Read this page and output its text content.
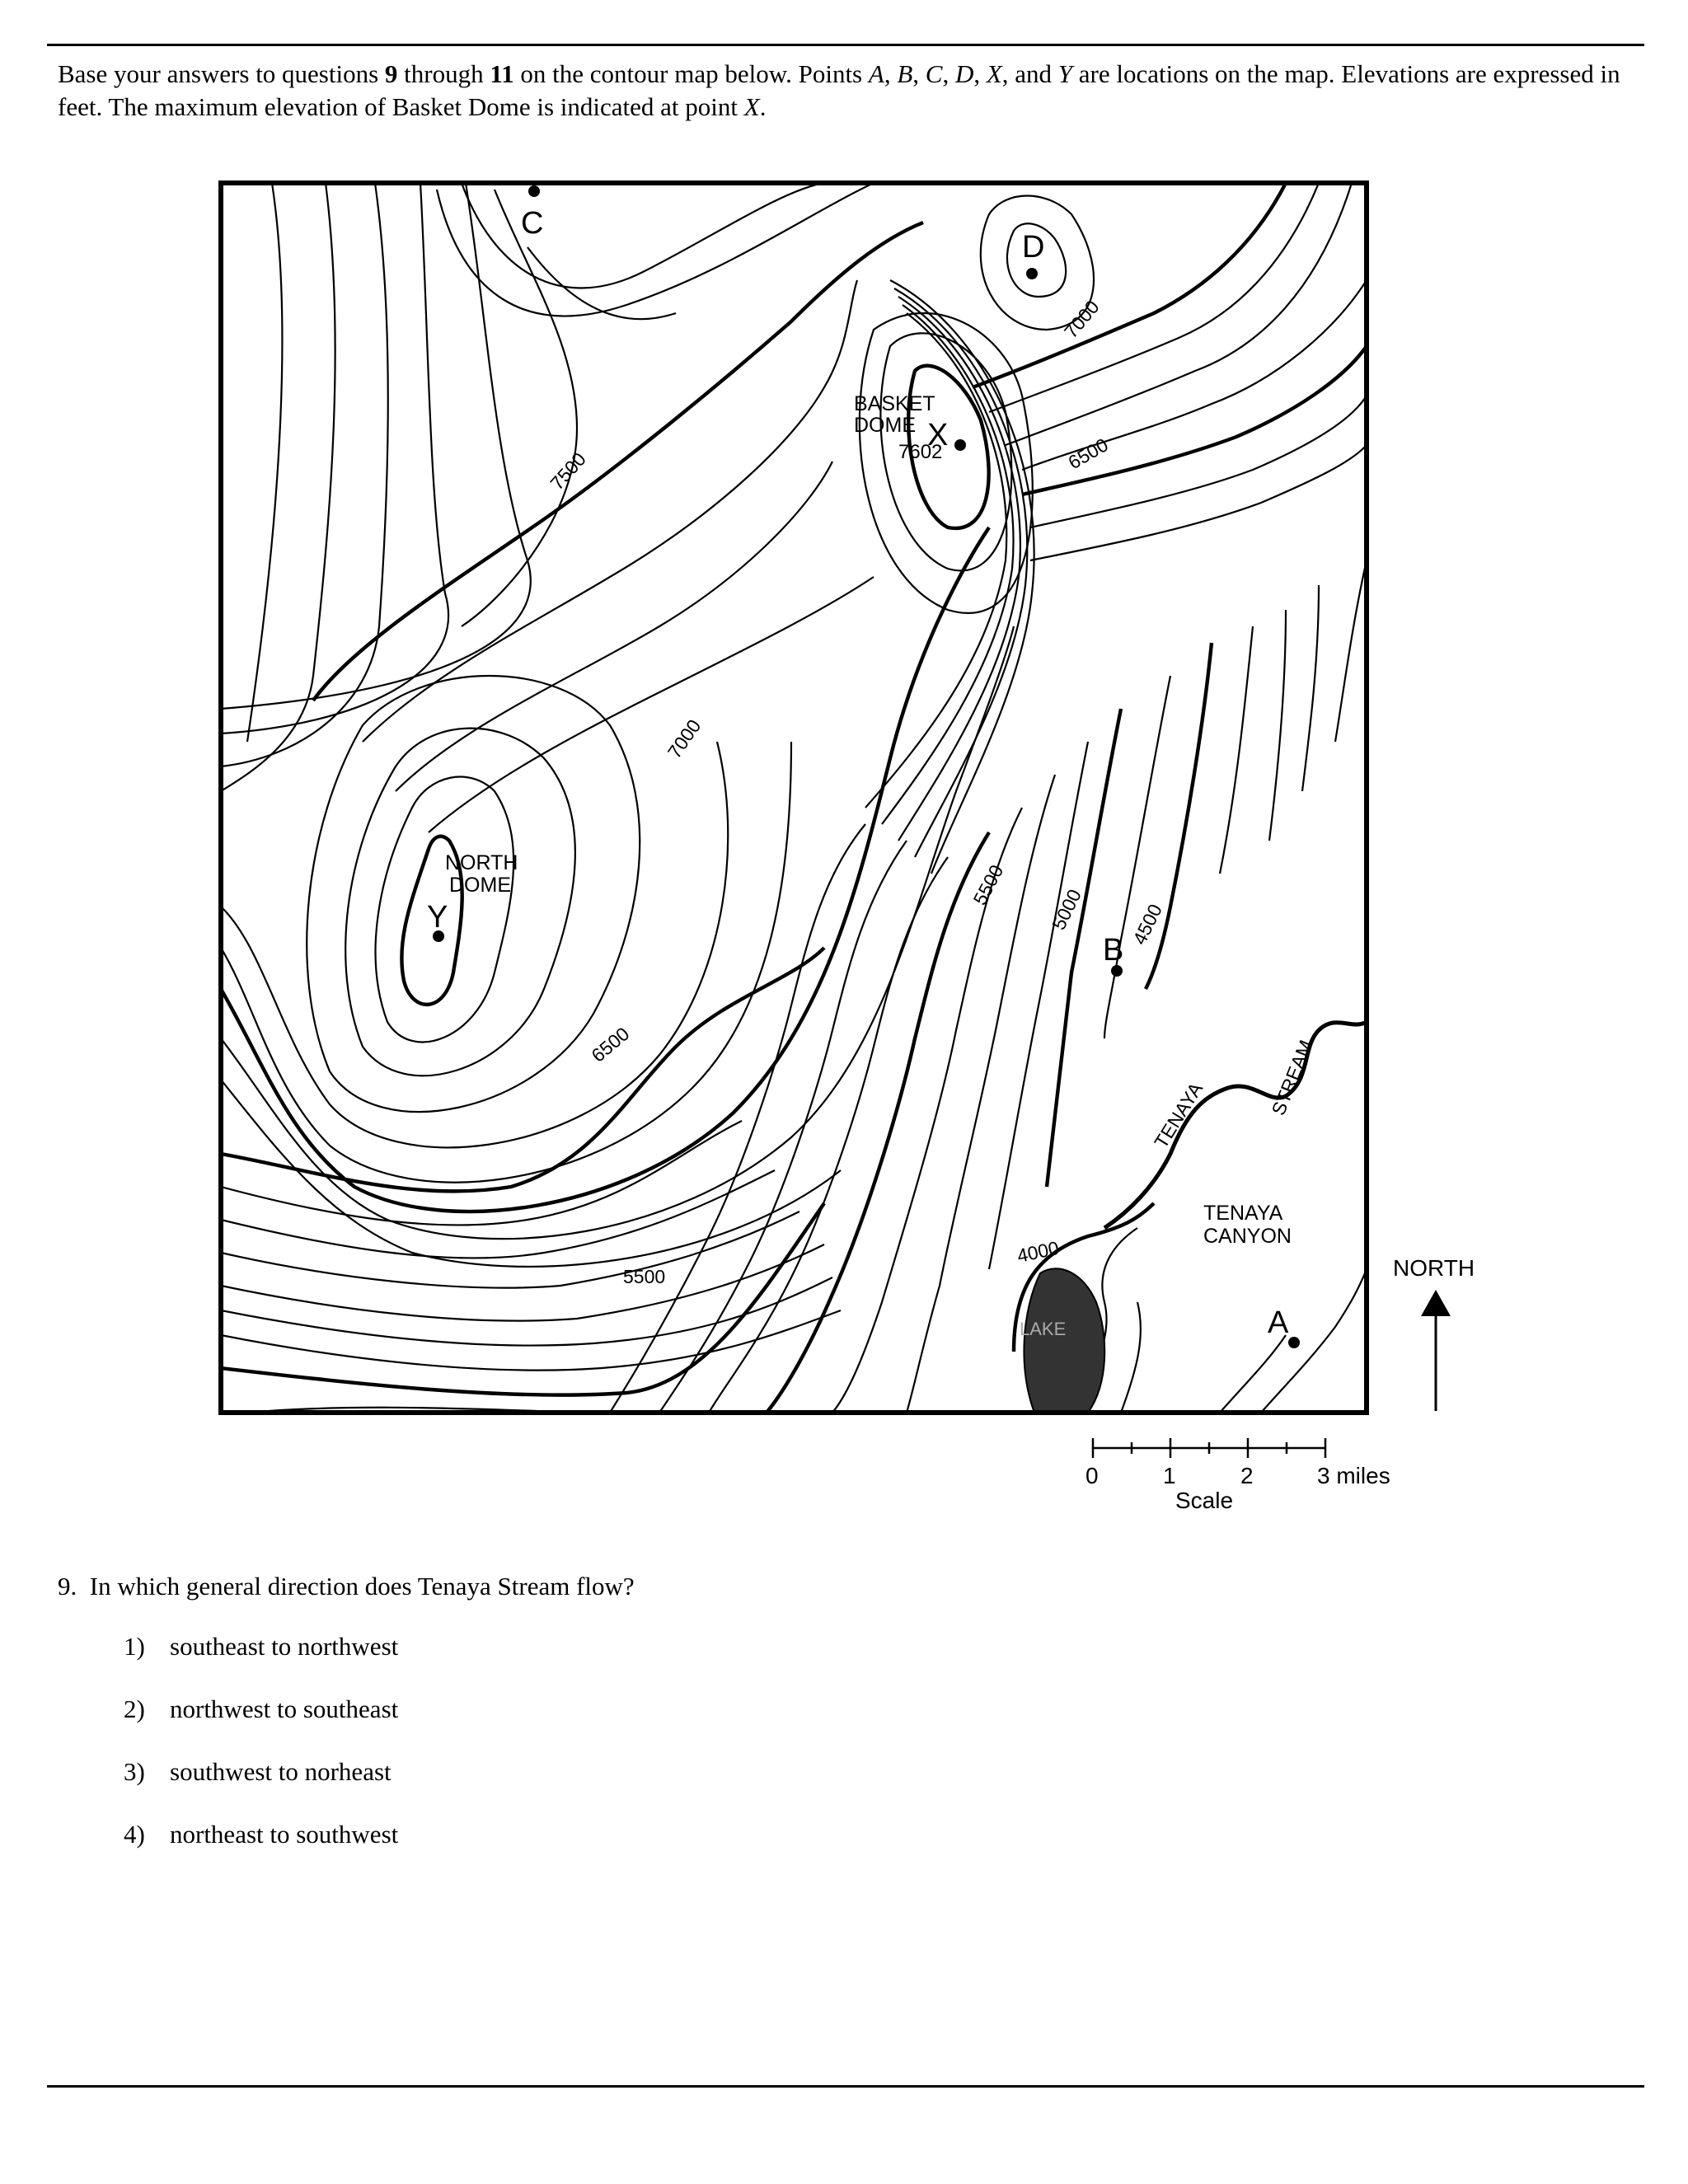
Base your answers to questions 9 through 11 on the contour map below. Points A, B, C, D, X, and Y are locations on the map. Elevations are expressed in feet. The maximum elevation of Basket Dome is indicated at point X.
C
D
X
Y
B
A
BASKET
DOME
7602
NORTH
DOME
7500
7000
6500
7000
6500
5500
5000 4500
5500
4000
TENAYA	STREAM
TENAYA
CANYON
LAKE
NORTH
0	1	2	3 miles
Scale
9. In which general direction does Tenaya Stream flow?
1) southeast to northwest
2) northwest to southeast
3) southwest to norheast
4) northeast to southwest
